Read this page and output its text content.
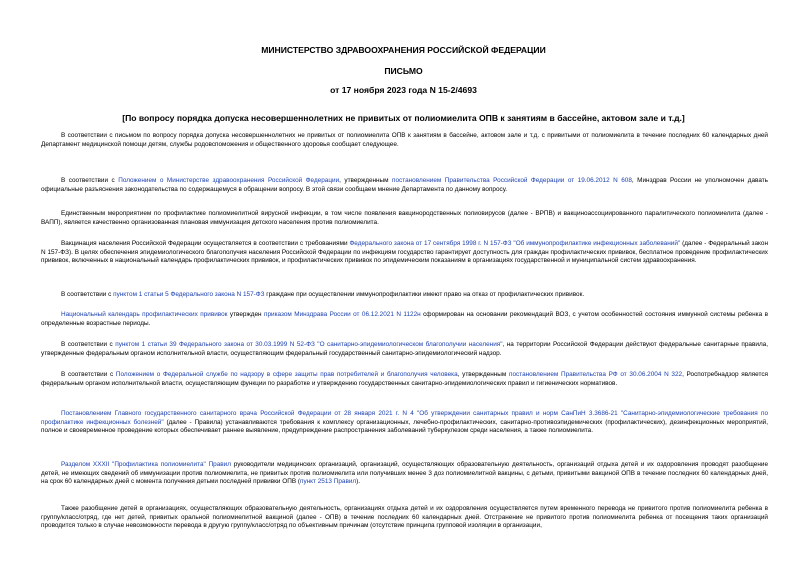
МИНИСТЕРСТВО ЗДРАВООХРАНЕНИЯ РОССИЙСКОЙ ФЕДЕРАЦИИ
ПИСЬМО
от 17 ноября 2023 года N 15-2/4693
[По вопросу порядка допуска несовершеннолетних не привитых от полиомиелита ОПВ к занятиям в бассейне, актовом зале и т.д.]

В соответствии с письмом по вопросу порядка допуска несовершеннолетних не привитых от полиомиелита ОПВ к занятиям в бассейне, актовом зале и т.д. с привитыми от полиомиелита в течение последних 60 календарных дней Департамент медицинской помощи детям, службы родовспоможения и общественного здоровья сообщает следующее.

В соответствии с Положением о Министерстве здравоохранения Российской Федерации, утвержденным постановлением Правительства Российской Федерации от 19.06.2012 N 608, Минздрав России не уполномочен давать официальные разъяснения законодательства по содержащемуся в обращении вопросу. В этой связи сообщаем мнение Департамента по данному вопросу.

Единственным мероприятием по профилактике полиомиелитной вирусной инфекции, в том числе появления вакцинородственных полиовирусов (далее - ВРПВ) и вакциноассоциированного паралитического полиомиелита (далее - ВАПП), является качественно организованная плановая иммунизация детского населения против полиомиелита.

Вакцинация населения Российской Федерации осуществляется в соответствии с требованиями Федерального закона от 17 сентября 1998 г. N 157-ФЗ "Об иммунопрофилактике инфекционных заболеваний" (далее - Федеральный закон N 157-ФЗ). В целях обеспечения эпидемиологического благополучия населения Российской Федерации по инфекциям государство гарантирует доступность для граждан профилактических прививок, бесплатное проведение профилактических прививок, включенных в национальный календарь профилактических прививок, и профилактических прививок по эпидемическим показаниям в организациях государственной и муниципальной систем здравоохранения.

В соответствии с пунктом 1 статьи 5 Федерального закона N 157-ФЗ граждане при осуществлении иммунопрофилактики имеют право на отказ от профилактических прививок.

Национальный календарь профилактических прививок утвержден приказом Минздрава России от 06.12.2021 N 1122н сформирован на основании рекомендаций ВОЗ, с учетом особенностей состояния иммунной системы ребенка в определенные возрастные периоды.

В соответствии с пунктом 1 статьи 39 Федерального закона от 30.03.1999 N 52-ФЗ "О санитарно-эпидемиологическом благополучии населения", на территории Российской Федерации действуют федеральные санитарные правила, утвержденные федеральным органом исполнительной власти, осуществляющим федеральный государственный санитарно-эпидемиологический надзор.

В соответствии с Положением о Федеральной службе по надзору в сфере защиты прав потребителей и благополучия человека, утвержденным постановлением Правительства РФ от 30.06.2004 N 322, Роспотребнадзор является федеральным органом исполнительной власти, осуществляющим функции по разработке и утверждению государственных санитарно-эпидемиологических правил и гигиенических нормативов.

Постановлением Главного государственного санитарного врача Российской Федерации от 28 января 2021 г. N 4 "Об утверждении санитарных правил и норм СанПиН 3.3686-21 "Санитарно-эпидемиологические требования по профилактике инфекционных болезней" (далее - Правила) устанавливаются требования к комплексу организационных, лечебно-профилактических, санитарно-противоэпидемических (профилактических), дезинфекционных мероприятий, полное и своевременное проведение которых обеспечивает раннее выявление, предупреждение распространения заболеваний туберкулезом среди населения, а также полиомиелита.

Разделом XXXII "Профилактика полиомиелита" Правил руководители медицинских организаций, организаций, осуществляющих образовательную деятельность, организаций отдыха детей и их оздоровления проводят разобщение детей, не имеющих сведений об иммунизации против полиомиелита, не привитых против полиомиелита или получивших менее 3 доз полиомиелитной вакцины, с детьми, привитыми вакциной ОПВ в течение последних 60 календарных дней, на срок 60 календарных дней с момента получения детьми последней прививки ОПВ (пункт 2513 Правил).

Также разобщение детей в организациях, осуществляющих образовательную деятельность, организациях отдыха детей и их оздоровления осуществляется путем временного перевода не привитого против полиомиелита ребенка в группу/класс/отряд, где нет детей, привитых оральной полиомиелитной вакциной (далее - ОПВ) в течение последних 60 календарных дней. Отстранение не привитого против полиомиелита ребенка от посещения таких организаций проводится только в случае невозможности перевода в другую группу/класс/отряд по объективным причинам (отсутствие принципа групповой изоляции в организации,
